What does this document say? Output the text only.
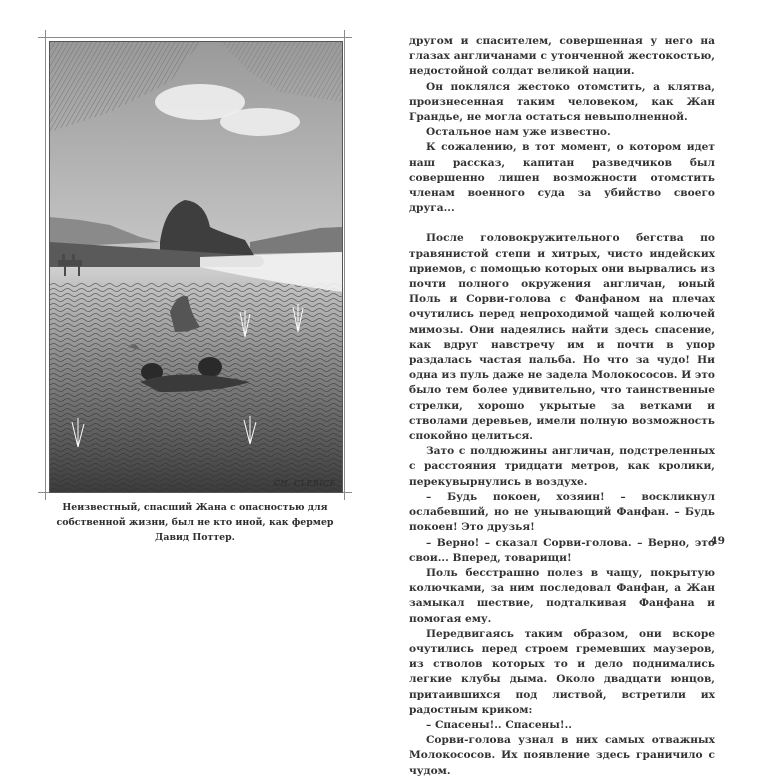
CH. CLERICE
Неизвестный, спасший Жана с опасностью для собственной жизни, был не кто иной, как фермер Давид Поттер.

другом и спасителем, совершенная у него на глазах англичанами с утонченной жестокостью, недостойной солдат великой нации.

Он поклялся жестоко отомстить, а клятва, произнесенная таким человеком, как Жан Грандье, не могла остаться невыполненной.

Остальное нам уже известно.

К сожалению, в тот момент, о котором идет наш рассказ, капитан разведчиков был совершенно лишен возможности отомстить членам военного суда за убийство своего друга...

После головокружительного бегства по травянистой степи и хитрых, чисто индейских приемов, с помощью которых они вырвались из почти полного окружения англичан, юный Поль и Сорви-голова с Фанфаном на плечах очутились перед непроходимой чащей колючей мимозы. Они надеялись найти здесь спасение, как вдруг навстречу им и почти в упор раздалась частая пальба. Но что за чудо! Ни одна из пуль даже не задела Молокососов. И это было тем более удивительно, что таинственные стрелки, хорошо укрытые за ветками и стволами деревьев, имели полную возможность спокойно целиться.

Зато с полдюжины англичан, подстреленных с расстояния тридцати метров, как кролики, перекувырнулись в воздухе.

– Будь покоен, хозяин! – воскликнул ослабевший, но не унывающий Фанфан. – Будь покоен! Это друзья!

– Верно! – сказал Сорви-голова. – Верно, это свои... Вперед, товарищи!

Поль бесстрашно полез в чащу, покрытую колючками, за ним последовал Фанфан, а Жан замыкал шествие, подталкивая Фанфана и помогая ему.

Передвигаясь таким образом, они вскоре очутились перед строем гремевших маузеров, из стволов которых то и дело поднимались легкие клубы дыма. Около двадцати юнцов, притаившихся под листвой, встретили их радостным криком:

– Спасены!.. Спасены!..

Сорви-голова узнал в них самых отважных Молокососов. Их появление здесь граничило с чудом.

49
